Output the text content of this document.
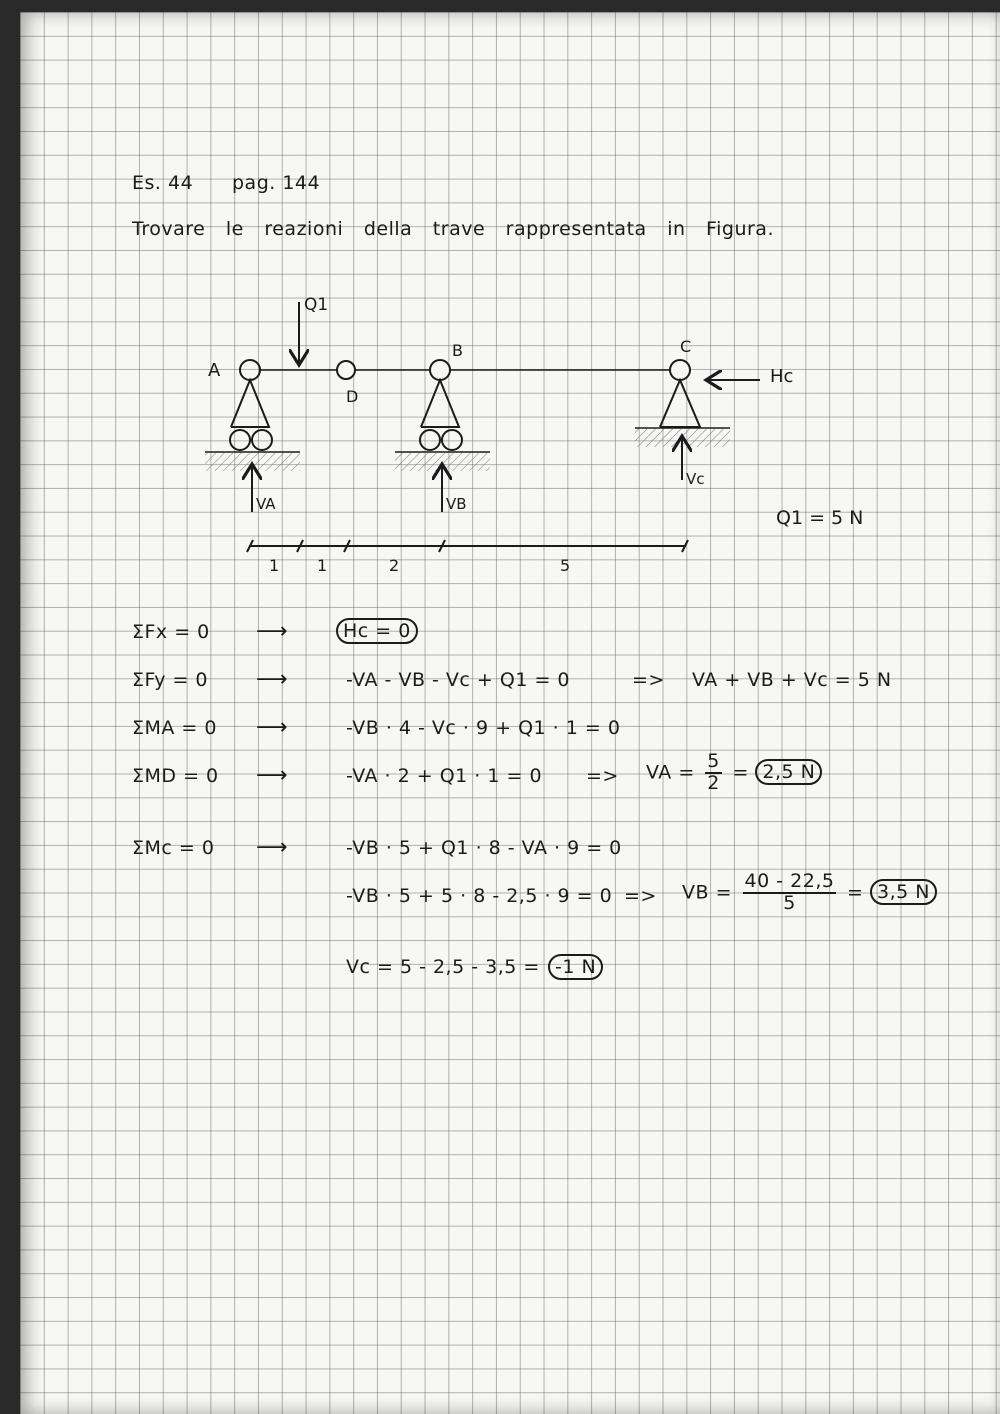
Es. 44 pag. 144
Trovare le reazioni della trave rappresentata in Figura.
A
B	C
D
Q1
Hc
VA	VB
Vc
Q1 = 5 N
1 1	2	5
ΣFx = 0 ⟶	Hc = 0
ΣFy = 0 ⟶	-VA - VB - Vc + Q1 = 0	=> VA + VB + Vc = 5 N
ΣMA = 0 ⟶	-VB · 4 - Vc · 9 + Q1 · 1 = 0
ΣMD = 0 ⟶	-VA · 2 + Q1 · 1 = 0 => VA = $\frac{5}{2} = 2,5$ N
ΣMc = 0 ⟶	-VB · 5 + Q1 · 8 - VA · 9 = 0
-VB · 5 + 5 · 8 - 2,5 · 9 = 0 => VB = $\frac{40 - 22,5}{5} = 3,5$ N
Vc = 5 - 2,5 - 3,5 = -1 N
